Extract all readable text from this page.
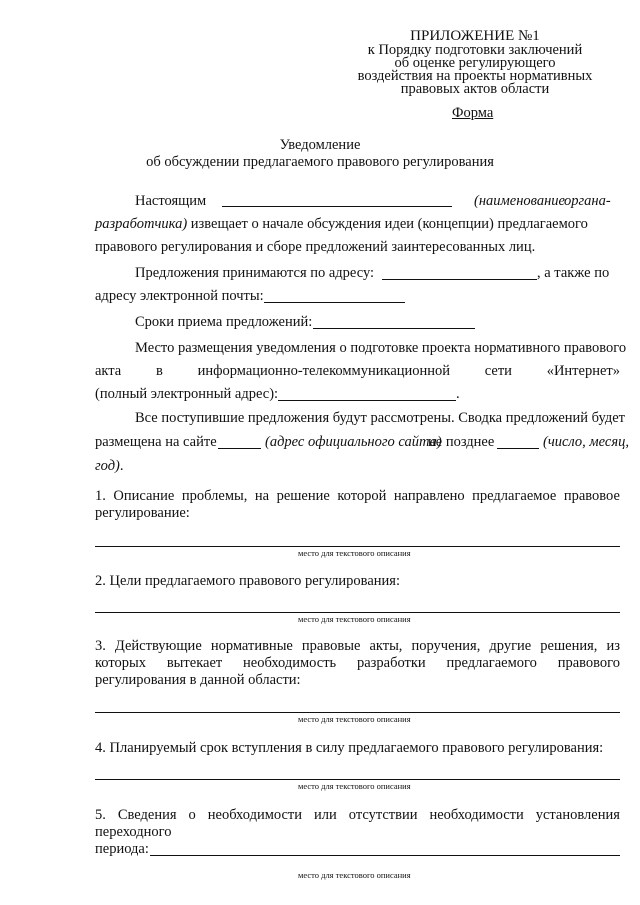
ПРИЛОЖЕНИЕ №1
к Порядку подготовки заключений
об оценке регулирующего
воздействия на проекты нормативных
правовых актов области
Форма
Уведомление
об обсуждении предлагаемого правового регулирования
Настоящим	(наименование органа-
разработчика) извещает о начале обсуждения идеи (концепции) предлагаемого
правового регулирования и сборе предложений заинтересованных лиц.
Предложения принимаются по адресу:	, а также по
адресу электронной почты:
Сроки приема предложений:
Место размещения уведомления о подготовке проекта нормативного правового
акта в информационно-телекоммуникационной сети «Интернет»
(полный электронный адрес):	.
Все поступившие предложения будут рассмотрены. Сводка предложений будет
размещена на сайте	(адрес официального сайта)
не позднее	(число, месяц,
год).
1. Описание проблемы, на решение которой направлено предлагаемое правовое
регулирование:
место для текстового описания
2. Цели предлагаемого правового регулирования:
место для текстового описания
3. Действующие нормативные правовые акты, поручения, другие решения, из
которых вытекает необходимость разработки предлагаемого правового
регулирования в данной области:
место для текстового описания
4. Планируемый срок вступления в силу предлагаемого правового регулирования:
место для текстового описания
5. Сведения о необходимости или отсутствии необходимости установления
переходного
периода:
место для текстового описания
